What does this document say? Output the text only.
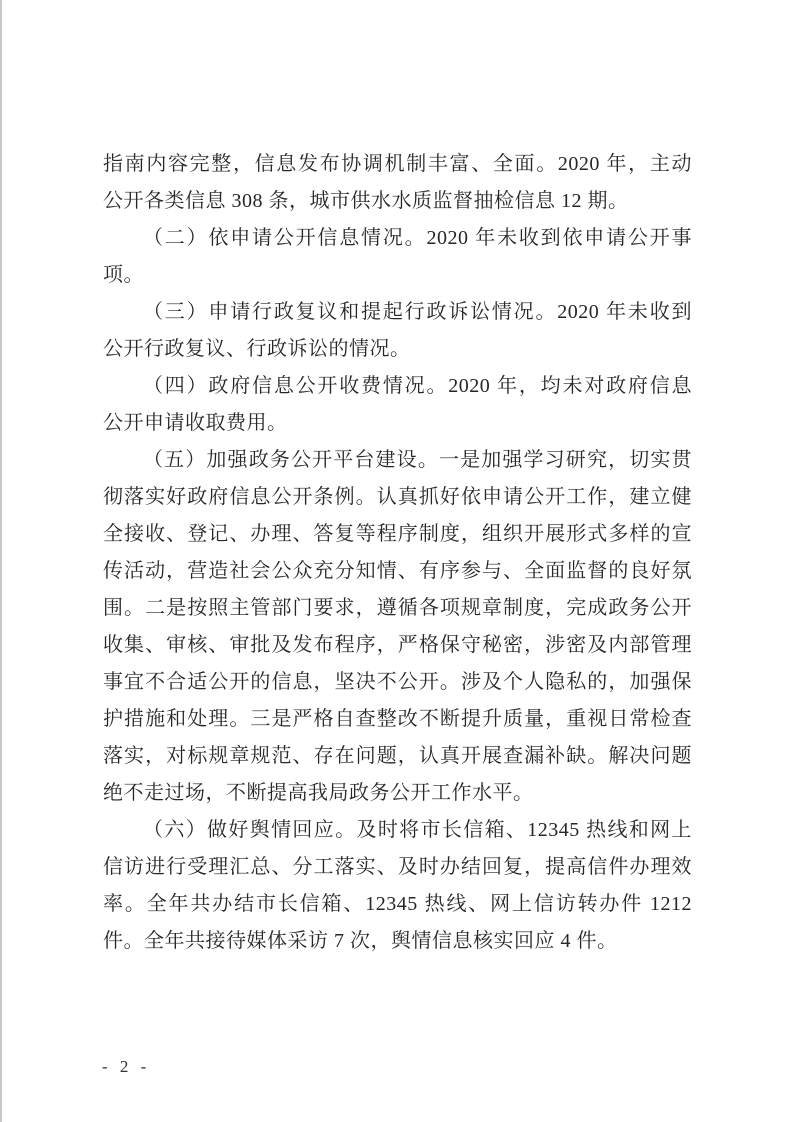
指南内容完整，信息发布协调机制丰富、全面。2020 年，主动
公开各类信息 308 条，城市供水水质监督抽检信息 12 期。
（二）依申请公开信息情况。2020 年未收到依申请公开事
项。
（三）申请行政复议和提起行政诉讼情况。2020 年未收到
公开行政复议、行政诉讼的情况。
（四）政府信息公开收费情况。2020 年，均未对政府信息
公开申请收取费用。
（五）加强政务公开平台建设。一是加强学习研究，切实贯
彻落实好政府信息公开条例。认真抓好依申请公开工作，建立健
全接收、登记、办理、答复等程序制度，组织开展形式多样的宣
传活动，营造社会公众充分知情、有序参与、全面监督的良好氛
围。二是按照主管部门要求，遵循各项规章制度，完成政务公开
收集、审核、审批及发布程序，严格保守秘密，涉密及内部管理
事宜不合适公开的信息，坚决不公开。涉及个人隐私的，加强保
护措施和处理。三是严格自查整改不断提升质量，重视日常检查
落实，对标规章规范、存在问题，认真开展查漏补缺。解决问题
绝不走过场，不断提高我局政务公开工作水平。
（六）做好舆情回应。及时将市长信箱、12345 热线和网上
信访进行受理汇总、分工落实、及时办结回复，提高信件办理效
率。全年共办结市长信箱、12345 热线、网上信访转办件 1212
件。全年共接待媒体采访 7 次，舆情信息核实回应 4 件。
- 2 -
